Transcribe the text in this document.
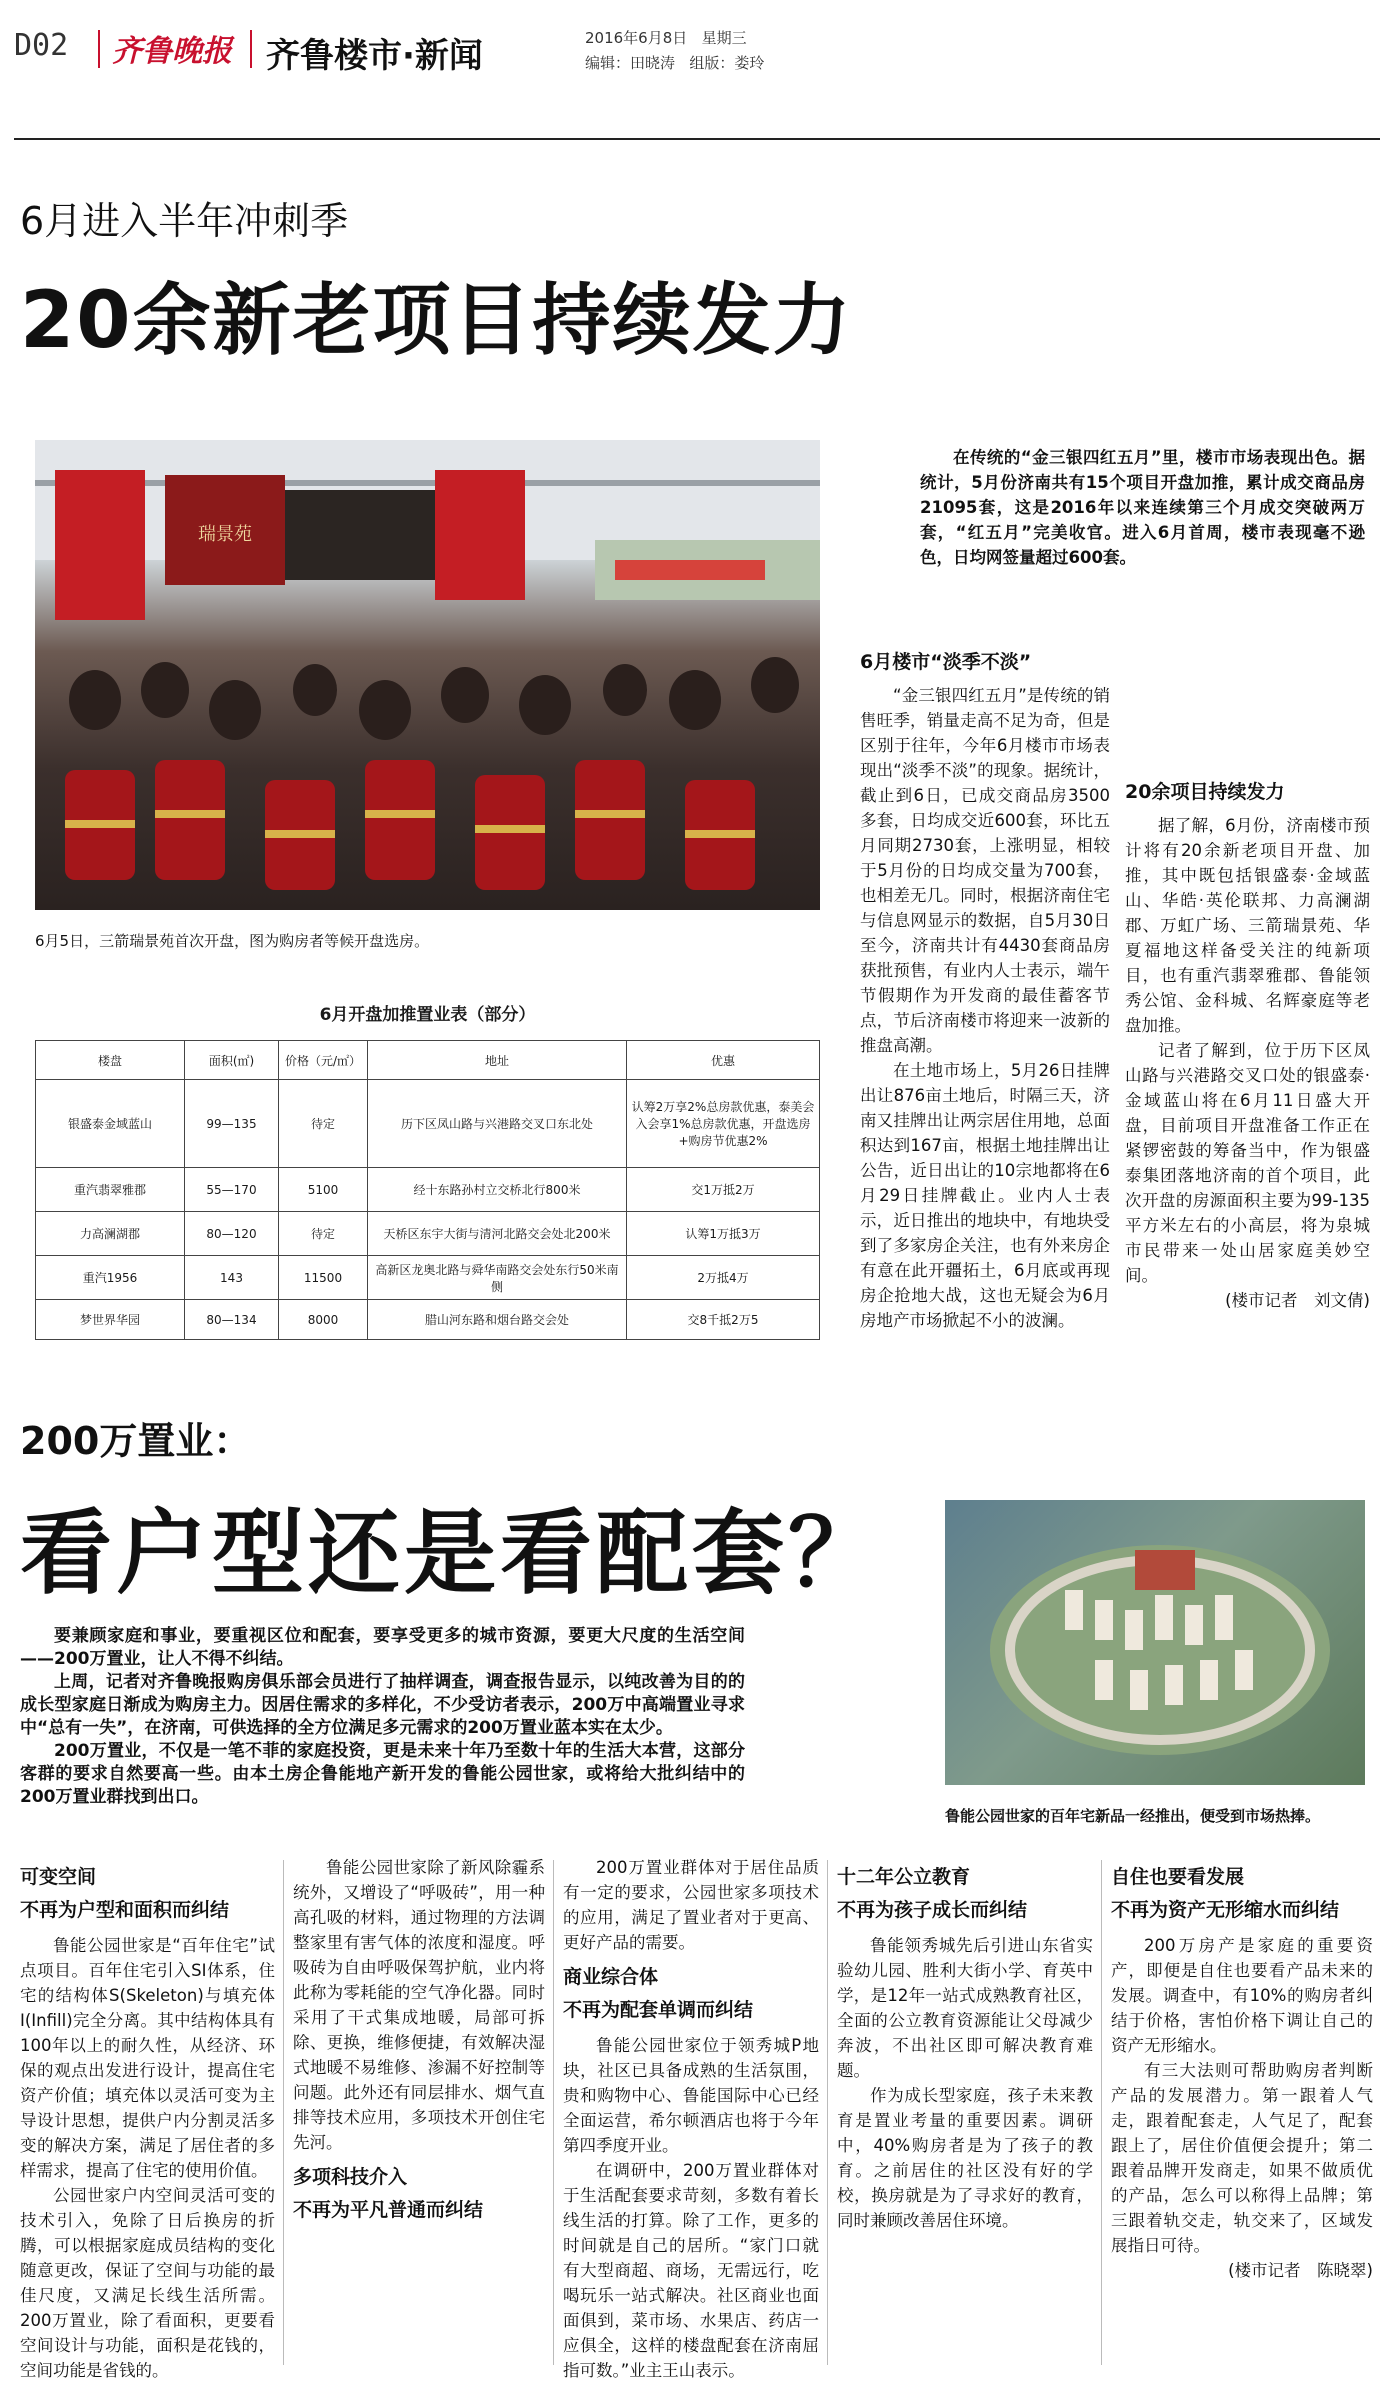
D02 齐鲁晚报 齐鲁楼市·新闻	2016年6月8日 星期三
编辑：田晓涛 组版：娄玲
6月进入半年冲刺季
20余新老项目持续发力
瑞景苑
6月5日，三箭瑞景苑首次开盘，图为购房者等候开盘选房。

在传统的“金三银四红五月”里，楼市市场表现出色。据统计，5月份济南共有15个项目开盘加推，累计成交商品房21095套，这是2016年以来连续第三个月成交突破两万套，“红五月”完美收官。进入6月首周，楼市表现毫不逊色，日均网签量超过600套。

6月开盘加推置业表（部分）
楼盘	面积(㎡)	价格（元/㎡）	地址	优惠
银盛泰金域蓝山	99—135	待定	历下区凤山路与兴港路交叉口东北处	认筹2万享2%总房款优惠，泰美会入会享1%总房款优惠，开盘选房+购房节优惠2%
重汽翡翠雅郡	55—170	5100	经十东路孙村立交桥北行800米	交1万抵2万
力高澜湖郡	80—120	待定	天桥区东宇大街与清河北路交会处北200米	认筹1万抵3万
重汽1956	143	11500	高新区龙奥北路与舜华南路交会处东行50米南侧	2万抵4万
梦世界华园	80—134	8000	腊山河东路和烟台路交会处	交8千抵2万5

6月楼市“淡季不淡”

“金三银四红五月”是传统的销售旺季，销量走高不足为奇，但是区别于往年，今年6月楼市市场表现出“淡季不淡”的现象。据统计，截止到6日，已成交商品房3500多套，日均成交近600套，环比五月同期2730套，上涨明显，相较于5月份的日均成交量为700套，也相差无几。同时，根据济南住宅与信息网显示的数据，自5月30日至今，济南共计有4430套商品房获批预售，有业内人士表示，端午节假期作为开发商的最佳蓄客节点，节后济南楼市将迎来一波新的推盘高潮。

在土地市场上，5月26日挂牌出让876亩土地后，时隔三天，济南又挂牌出让两宗居住用地，总面积达到167亩，根据土地挂牌出让公告，近日出让的10宗地都将在6月29日挂牌截止。业内人士表示，近日推出的地块中，有地块受到了多家房企关注，也有外来房企有意在此开疆拓土，6月底或再现房企抢地大战，这也无疑会为6月房地产市场掀起不小的波澜。

20余项目持续发力

据了解，6月份，济南楼市预计将有20余新老项目开盘、加推，其中既包括银盛泰·金域蓝山、华皓·英伦联邦、力高澜湖郡、万虹广场、三箭瑞景苑、华夏福地这样备受关注的纯新项目，也有重汽翡翠雅郡、鲁能领秀公馆、金科城、名辉豪庭等老盘加推。

记者了解到，位于历下区凤山路与兴港路交叉口处的银盛泰·金域蓝山将在6月11日盛大开盘，目前项目开盘准备工作正在紧锣密鼓的筹备当中，作为银盛泰集团落地济南的首个项目，此次开盘的房源面积主要为99-135平方米左右的小高层，将为泉城市民带来一处山居家庭美妙空间。

(楼市记者　刘文倩)

200万置业：
看户型还是看配套？

要兼顾家庭和事业，要重视区位和配套，要享受更多的城市资源，要更大尺度的生活空间——200万置业，让人不得不纠结。

上周，记者对齐鲁晚报购房俱乐部会员进行了抽样调查，调查报告显示，以纯改善为目的的成长型家庭日渐成为购房主力。因居住需求的多样化，不少受访者表示，200万中高端置业寻求中“总有一失”，在济南，可供选择的全方位满足多元需求的200万置业蓝本实在太少。

200万置业，不仅是一笔不菲的家庭投资，更是未来十年乃至数十年的生活大本营，这部分客群的要求自然要高一些。由本土房企鲁能地产新开发的鲁能公园世家，或将给大批纠结中的200万置业群找到出口。

鲁能公园世家的百年宅新品一经推出，便受到市场热捧。

可变空间

不再为户型和面积而纠结

鲁能公园世家是“百年住宅”试点项目。百年住宅引入SI体系，住宅的结构体S(Skeleton)与填充体I(Infill)完全分离。其中结构体具有100年以上的耐久性，从经济、环保的观点出发进行设计，提高住宅资产价值；填充体以灵活可变为主导设计思想，提供户内分割灵活多变的解决方案，满足了居住者的多样需求，提高了住宅的使用价值。

公园世家户内空间灵活可变的技术引入，免除了日后换房的折腾，可以根据家庭成员结构的变化随意更改，保证了空间与功能的最佳尺度，又满足长线生活所需。200万置业，除了看面积，更要看空间设计与功能，面积是花钱的，空间功能是省钱的。

鲁能公园世家除了新风除霾系统外，又增设了“呼吸砖”，用一种高孔吸的材料，通过物理的方法调整家里有害气体的浓度和湿度。呼吸砖为自由呼吸保驾护航，业内将此称为零耗能的空气净化器。同时采用了干式集成地暖，局部可拆除、更换，维修便捷，有效解决湿式地暖不易维修、渗漏不好控制等问题。此外还有同层排水、烟气直排等技术应用，多项技术开创住宅先河。

多项科技介入

不再为平凡普通而纠结

200万置业群体对于居住品质有一定的要求，公园世家多项技术的应用，满足了置业者对于更高、更好产品的需要。

商业综合体

不再为配套单调而纠结

鲁能公园世家位于领秀城P地块，社区已具备成熟的生活氛围，贵和购物中心、鲁能国际中心已经全面运营，希尔顿酒店也将于今年第四季度开业。

在调研中，200万置业群体对于生活配套要求苛刻，多数有着长线生活的打算。除了工作，更多的时间就是自己的居所。“家门口就有大型商超、商场，无需远行，吃喝玩乐一站式解决。社区商业也面面俱到，菜市场、水果店、药店一应俱全，这样的楼盘配套在济南屈指可数。”业主王山表示。

十二年公立教育

不再为孩子成长而纠结

鲁能领秀城先后引进山东省实验幼儿园、胜利大街小学、育英中学，是12年一站式成熟教育社区，全面的公立教育资源能让父母减少奔波，不出社区即可解决教育难题。

作为成长型家庭，孩子未来教育是置业考量的重要因素。调研中，40%购房者是为了孩子的教育。之前居住的社区没有好的学校，换房就是为了寻求好的教育，同时兼顾改善居住环境。

自住也要看发展

不再为资产无形缩水而纠结

200万房产是家庭的重要资产，即便是自住也要看产品未来的发展。调查中，有10%的购房者纠结于价格，害怕价格下调让自己的资产无形缩水。

有三大法则可帮助购房者判断产品的发展潜力。第一跟着人气走，跟着配套走，人气足了，配套跟上了，居住价值便会提升；第二跟着品牌开发商走，如果不做质优的产品，怎么可以称得上品牌；第三跟着轨交走，轨交来了，区域发展指日可待。

(楼市记者　陈晓翠)
